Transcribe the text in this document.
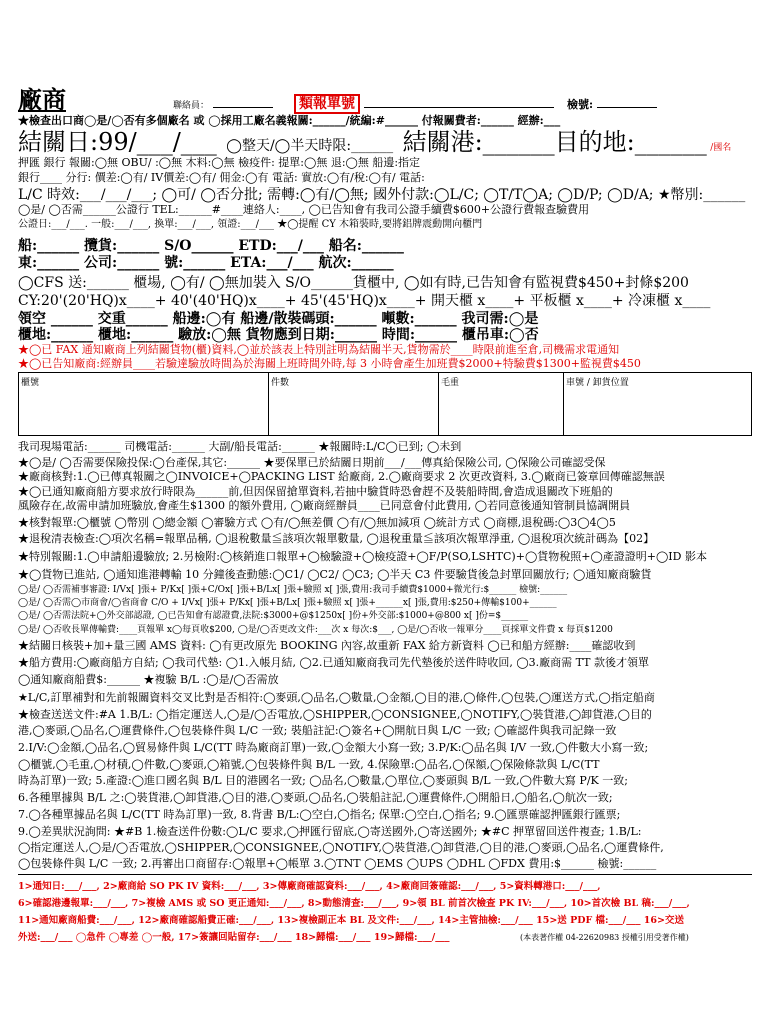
廠商	聯絡員：	類報單號	檢號:
★檢查出口商◯是/◯否有多個廠名 或 ◯採用工廠名義報關:______/統編:#______ 付報關費者:______ 經辦:___
結關日:99/___/___ ◯整天/◯半天時限:______ 結關港:______目的地:______ /國名
押匯 銀行 報關:◯無 OBU/ :◯無 木料:◯無 檢疫件: 提單:◯無 退:◯無 船邊:指定
銀行____ 分行: 價差:◯有/ IV價差:◯有/ 佣金:◯有 電話: 實放:◯有/稅:◯有/ 電話:
L/C 時效:___/___/___; ◯可/ ◯否分批; 需轉:◯有/◯無; 國外付款:◯L/C; ◯T/T◯A; ◯D/P; ◯D/A; ★幣別:______
◯是/ ◯否需______公證行 TEL:______#____連絡人:____, ◯已告知會有我司公證手續費$600+公證行費報查驗費用
公證日:___/___. 一般:___/___, 換單:___/___, 領證:___/___ ★◯提醒 CY 木箱裝時,要將鋁牌震動開向櫃門
船:______ 攬貨:______ S/O______ ETD:___/___ 船名:______
東:______ 公司:______ 號:______ ETA:___/___ 航次:______
◯CFS 送:______ 櫃場, ◯有/ ◯無加裝入 S/O______貨櫃中, ◯如有時,已告知會有監視費$450+封條$200
CY:20'(20'HQ)x____+ 40'(40'HQ)x____+ 45'(45'HQ)x____+ 開天櫃 x____+ 平板櫃 x____+ 冷凍櫃 x____
領空 ______ 交重______ 船邊:◯有 船邊/散裝碼頭:______ 噸數:______ 我司需:◯是
櫃地:______ 櫃地:______ 驗放:◯無 貨物應到日期:______ 時間:______ 櫃吊車:◯否
★◯已 FAX 通知廠商上列結關貨物(櫃)資料,◯並於該表上特別註明為結關半天,貨物需於____時限前進至倉,司機需求電通知
★◯已告知廠商:經辦員____若驗達驗放時間為於海關上班時間外時,每 3 小時會產生加班費$2000+特驗費$1300+監視費$450
櫃號	件數	毛重	車號 / 卸貨位置
我司現場電話:______ 司機電話:______ 大副/船長電話:______ ★報關時:L/C◯已到; ◯未到
★◯是/ ◯否需要保險投保:◯台產保,其它:______ ★要保單已於結關日期前___/___傳真給保險公司, ◯保險公司確認受保
★廠商核對:1.◯已傳真報關之◯INVOICE+◯PACKING LIST 給廠商, 2.◯廠商要求 2 次更改資料, 3.◯廠商已簽章回傳確認無誤
★◯已通知廠商船方要求放行時限為______前,但因保留搶單資料,若抽中驗貨時恐會趕不及裝船時間,會造成退關改下班船的
風險存在,故需申請加班驗放,會產生$1300 的額外費用, ◯廠商經辦員____已同意會付此費用, ◯若同意後通知管制員協調開員
★核對報單:◯櫃號 ◯幣別 ◯總金額 ◯審驗方式 ◯有/◯無差價 ◯有/◯無加減項 ◯統計方式 ◯商標,退稅碼:◯3◯4◯5
★退稅清表檢查:◯項次名稱=報單品稱, ◯退稅數量≦該項次報單數量, ◯退稅重量≦該項次報單淨重, ◯退稅項次統計碼為【02】
★特別報關:1.◯申請船邊驗放; 2.另檢附:◯核銷進口報單+◯檢驗證+◯檢疫證+◯F/P(SO,LSHTC)+◯貨物稅照+◯產證證明+◯ID 影本
★◯貨物已進站, ◯通知進港轉輸 10 分鐘後查動態:◯C1/ ◯C2/ ◯C3; ◯半天 C3 件要驗貨後急封單回關放行; ◯通知廠商驗貨
◯是/ ◯否需補事審證: I/Vx[ ]張+ P/Kx[ ]張+C/Ox[ ]張+B/Lx[ ]張+驗照 x[ ]張,費用:我司手續費$1000+微光行:$______ 檢號:______
◯是/ ◯否需◯市商會/◯省商會 C/O + I/Vx[ ]張+ P/Kx[ ]張+B/Lx[ ]張+驗照 x[ ]張+______x[ ]張,費用:$250+傳輸$100+______
◯是/ ◯否需法院+◯外交部認證, ◯已告知會有認證費,法院:$3000+@$1250x[ ]份+外交部:$1000+@800 x[ ]份=$______
◯是/ ◯否收長單傳輸費:____頁報單 x◯每頁收$200, ◯是/◯否更改文件:___次 x 每次:$___, ◯是/◯否收一報單分____頁採單文件費 x 每頁$1200
★結關日核裝+加+量三國 AMS 資料: ◯有更改原先 BOOKING 內容,故重新 FAX 給方新資料 ◯已和船方經辦:____確認收到
★船方費用:◯廠商船方自結; ◯我司代墊: ◯1.入帳月結, ◯2.已通知廠商我司先代墊後於送件時收回, ◯3.廠商需 TT 款後才領單
◯通知廠商船費$:______ ★複驗 B/L :◯是/◯否需放
★L/C,訂單補對和先前報關資料交叉比對是否相符:◯麥頭,◯品名,◯數量,◯金額,◯目的港,◯條件,◯包裝,◯運送方式,◯指定船商
★檢查送送文件:#A 1.B/L: ◯指定運送人,◯是/◯否電放,◯SHIPPER,◯CONSIGNEE,◯NOTIFY,◯裝貨港,◯卸貨港,◯目的
港,◯麥頭,◯品名,◯運費條件,◯包裝條件與 L/C 一致; 裝船註記:◯簽名+◯開航日與 L/C 一致; ◯確認件與我司記錄一致
2.I/V:◯金額,◯品名,◯貿易條件與 L/C(TT 時為廠商訂單)一致,◯金額大小寫一致; 3.P/K:◯品名與 I/V 一致,◯件數大小寫一致;
◯櫃號,◯毛重,◯材積,◯件數,◯麥頭,◯箱號,◯包裝條件與 B/L 一致, 4.保險單:◯品名,◯保額,◯保險條款與 L/C(TT
時為訂單)一致; 5.產證:◯進口國名與 B/L 目的港國名一致; ◯品名,◯數量,◯單位,◯麥頭與 B/L 一致,◯件數大寫 P/K 一致;
6.各種單據與 B/L 之:◯裝貨港,◯卸貨港,◯目的港,◯麥頭,◯品名,◯裝船註記,◯運費條件,◯開船日,◯船名,◯航次一致;
7.◯各種單據品名與 L/C(TT 時為訂單)一致, 8.背書 B/L:◯空白,◯指名; 保單:◯空白,◯指名; 9.◯匯票確認押匯銀行匯票;
9.◯差異狀況詢問: ★#B 1.檢查送件份數:◯L/C 要求,◯押匯行留底,◯寄送國外,◯寄送國外; ★#C 押單留回送件複查; 1.B/L:
◯指定運送人,◯是/◯否電放,◯SHIPPER,◯CONSIGNEE,◯NOTIFY,◯裝貨港,◯卸貨港,◯目的港,◯麥頭,◯品名,◯運費條件,
◯包裝條件與 L/C 一致; 2.再審出口商留存:◯報單+◯帳單 3.◯TNT ◯EMS ◯UPS ◯DHL ◯FDX 費用:$______ 檢號:______
1>通知日:___/___, 2>廠商給 SO PK IV 資料:___/___, 3>傳廠商確認資料:___/___, 4>廠商回簽確認:___/___, 5>資料轉港口:___/___,
6>確認港邊報單:___/___, 7>複檢 AMS 或 SO 更正通知:___/___, 8>動態清查:___/___, 9>領 BL 前首次檢查 PK IV:___/___, 10>首次檢 BL 稿:___/___,
11>通知廠商船費:___/___, 12>廠商確認船費正確:___/___, 13>複檢副正本 BL 及文件:___/___, 14>主管抽檢:___/___ 15>送 PDF 檔:___/___ 16>交送
外送:___/___ ◯急件 ◯專差 ◯一般, 17>簽讓回貼留存:___/___ 18>歸檔:___/___ 19>歸檔:___/___	(本表著作權 04-22620983 授權引用受著作權)
